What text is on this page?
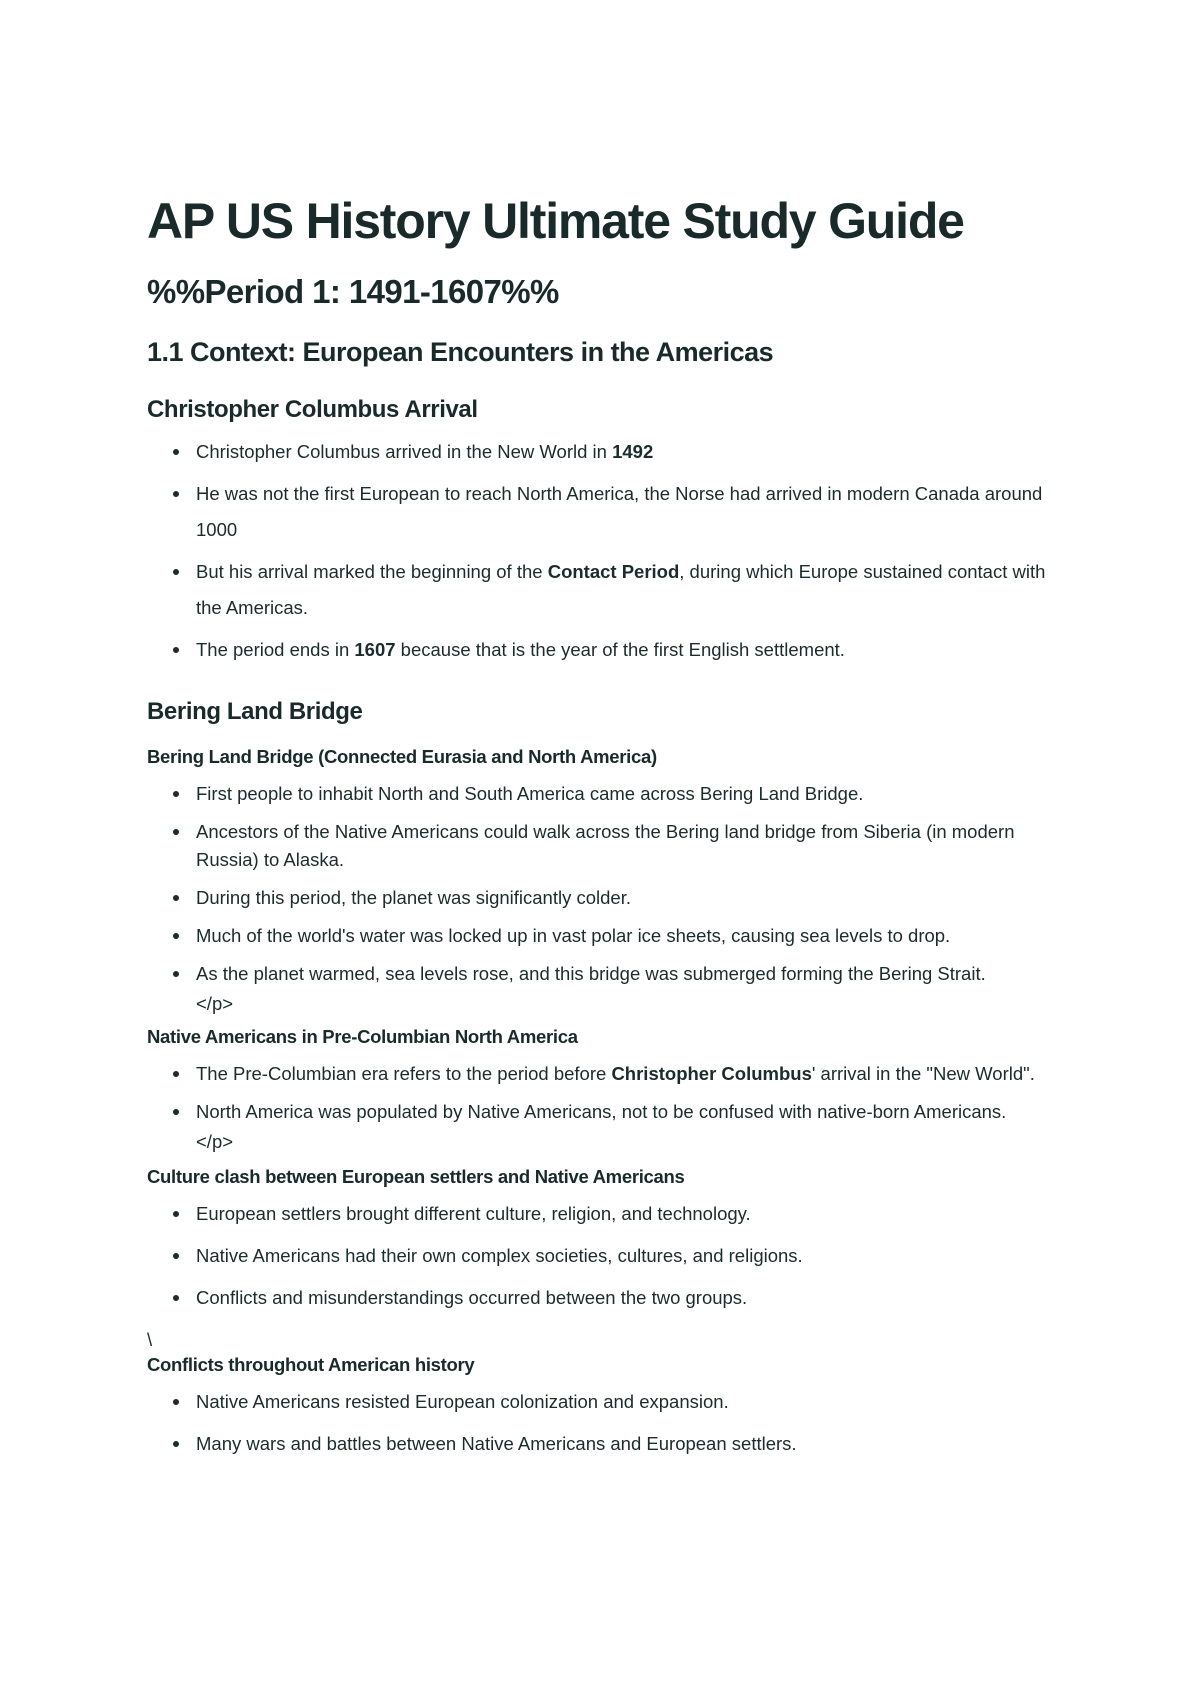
AP US History Ultimate Study Guide
%%Period 1: 1491-1607%%
1.1 Context: European Encounters in the Americas
Christopher Columbus Arrival
Christopher Columbus arrived in the New World in 1492
He was not the first European to reach North America, the Norse had arrived in modern Canada around 1000
But his arrival marked the beginning of the Contact Period, during which Europe sustained contact with the Americas.
The period ends in 1607 because that is the year of the first English settlement.
Bering Land Bridge
Bering Land Bridge (Connected Eurasia and North America)
First people to inhabit North and South America came across Bering Land Bridge.
Ancestors of the Native Americans could walk across the Bering land bridge from Siberia (in modern Russia) to Alaska.
During this period, the planet was significantly colder.
Much of the world's water was locked up in vast polar ice sheets, causing sea levels to drop.
As the planet warmed, sea levels rose, and this bridge was submerged forming the Bering Strait.
</p>
Native Americans in Pre-Columbian North America
The Pre-Columbian era refers to the period before Christopher Columbus' arrival in the "New World".
North America was populated by Native Americans, not to be confused with native-born Americans.
</p>
Culture clash between European settlers and Native Americans
European settlers brought different culture, religion, and technology.
Native Americans had their own complex societies, cultures, and religions.
Conflicts and misunderstandings occurred between the two groups.
\
Conflicts throughout American history
Native Americans resisted European colonization and expansion.
Many wars and battles between Native Americans and European settlers.
